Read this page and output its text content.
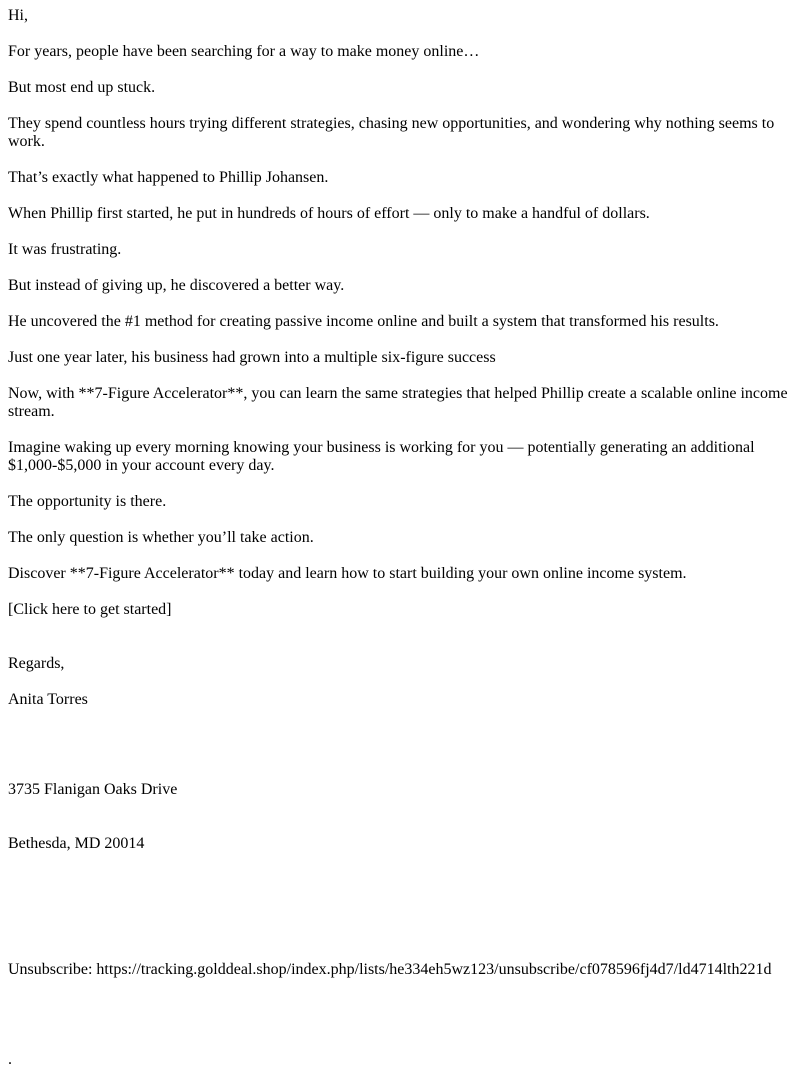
Hi,
For years, people have been searching for a way to make money online…
But most end up stuck.
They spend countless hours trying different strategies, chasing new opportunities, and wondering why nothing seems to work.
That’s exactly what happened to Phillip Johansen.
When Phillip first started, he put in hundreds of hours of effort — only to make a handful of dollars.
It was frustrating.
But instead of giving up, he discovered a better way.
He uncovered the #1 method for creating passive income online and built a system that transformed his results.
Just one year later, his business had grown into a multiple six-figure success
Now, with **7-Figure Accelerator**, you can learn the same strategies that helped Phillip create a scalable online income stream.
Imagine waking up every morning knowing your business is working for you — potentially generating an additional $1,000-$5,000 in your account every day.
The opportunity is there.
The only question is whether you’ll take action.
Discover **7-Figure Accelerator** today and learn how to start building your own online income system.
[Click here to get started]
Regards,
Anita Torres

3735 Flanigan Oaks Drive

Bethesda, MD 20014

Unsubscribe: https://tracking.golddeal.shop/index.php/lists/he334eh5wz123/unsubscribe/cf078596fj4d7/ld4714lth221d
.
